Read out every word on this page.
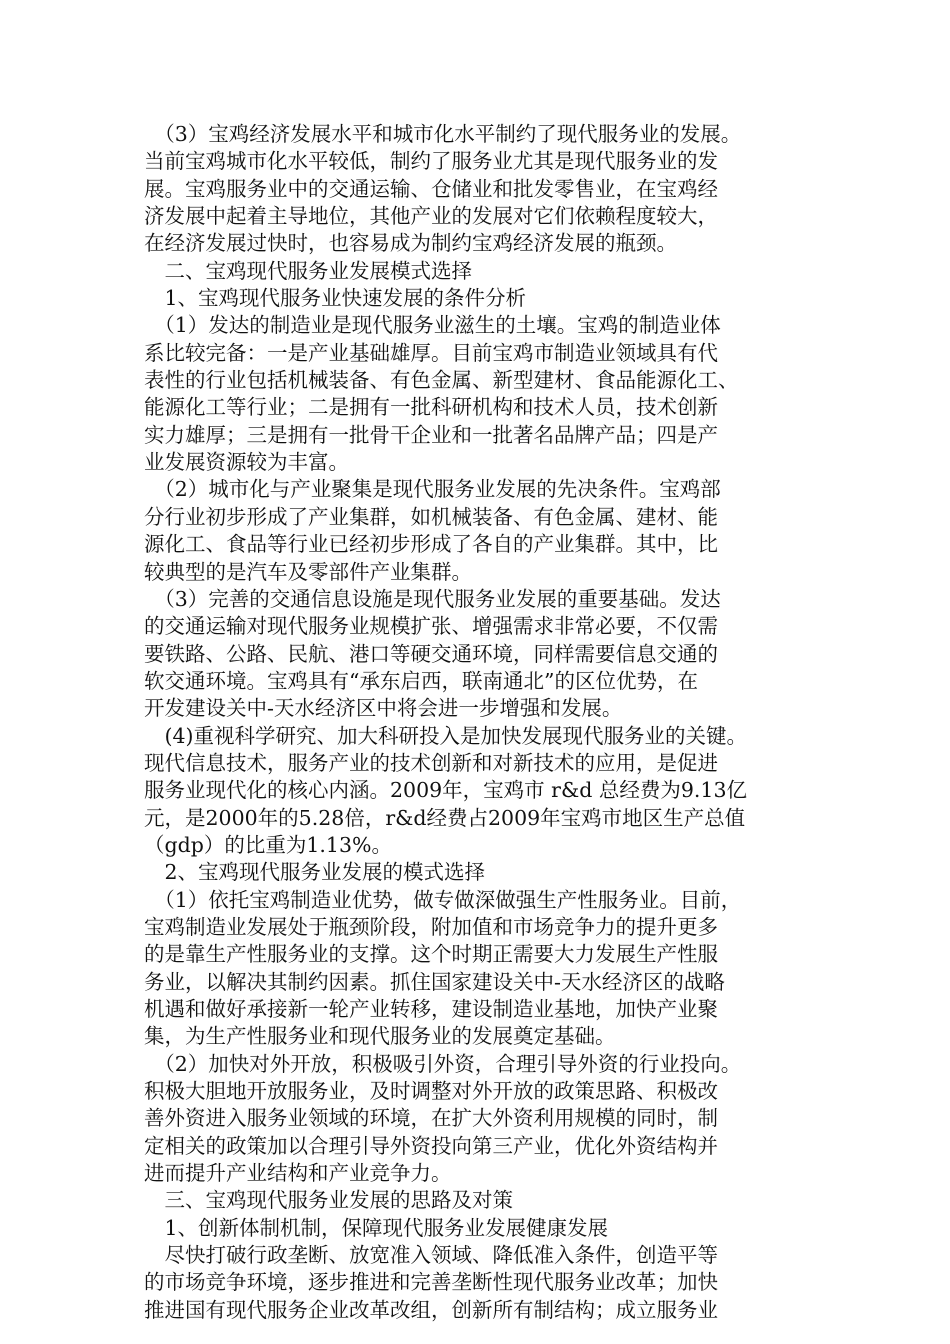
　（3）宝鸡经济发展水平和城市化水平制约了现代服务业的发展。
当前宝鸡城市化水平较低，制约了服务业尤其是现代服务业的发
展。宝鸡服务业中的交通运输、仓储业和批发零售业，在宝鸡经
济发展中起着主导地位，其他产业的发展对它们依赖程度较大，
在经济发展过快时，也容易成为制约宝鸡经济发展的瓶颈。
　二、宝鸡现代服务业发展模式选择
　1、宝鸡现代服务业快速发展的条件分析
　（1）发达的制造业是现代服务业滋生的土壤。宝鸡的制造业体
系比较完备：一是产业基础雄厚。目前宝鸡市制造业领域具有代
表性的行业包括机械装备、有色金属、新型建材、食品能源化工、
能源化工等行业；二是拥有一批科研机构和技术人员，技术创新
实力雄厚；三是拥有一批骨干企业和一批著名品牌产品；四是产
业发展资源较为丰富。
　（2）城市化与产业聚集是现代服务业发展的先决条件。宝鸡部
分行业初步形成了产业集群，如机械装备、有色金属、建材、能
源化工、食品等行业已经初步形成了各自的产业集群。其中，比
较典型的是汽车及零部件产业集群。
　（3）完善的交通信息设施是现代服务业发展的重要基础。发达
的交通运输对现代服务业规模扩张、增强需求非常必要，不仅需
要铁路、公路、民航、港口等硬交通环境，同样需要信息交通的
软交通环境。宝鸡具有“承东启西，联南通北”的区位优势，在
开发建设关中-天水经济区中将会进一步增强和发展。
　(4)重视科学研究、加大科研投入是加快发展现代服务业的关键。
现代信息技术，服务产业的技术创新和对新技术的应用，是促进
服务业现代化的核心内涵。2009年，宝鸡市 r&d 总经费为9.13亿
元，是2000年的5.28倍，r&d经费占2009年宝鸡市地区生产总值
（gdp）的比重为1.13%。
　2、宝鸡现代服务业发展的模式选择
　（1）依托宝鸡制造业优势，做专做深做强生产性服务业。目前，
宝鸡制造业发展处于瓶颈阶段，附加值和市场竞争力的提升更多
的是靠生产性服务业的支撑。这个时期正需要大力发展生产性服
务业，以解决其制约因素。抓住国家建设关中-天水经济区的战略
机遇和做好承接新一轮产业转移，建设制造业基地，加快产业聚
集，为生产性服务业和现代服务业的发展奠定基础。
　（2）加快对外开放，积极吸引外资，合理引导外资的行业投向。
积极大胆地开放服务业，及时调整对外开放的政策思路、积极改
善外资进入服务业领域的环境，在扩大外资利用规模的同时，制
定相关的政策加以合理引导外资投向第三产业，优化外资结构并
进而提升产业结构和产业竞争力。
　三、宝鸡现代服务业发展的思路及对策
　1、创新体制机制，保障现代服务业发展健康发展
　尽快打破行政垄断、放宽准入领域、降低准入条件，创造平等
的市场竞争环境，逐步推进和完善垄断性现代服务业改革；加快
推进国有现代服务企业改革改组，创新所有制结构；成立服务业
